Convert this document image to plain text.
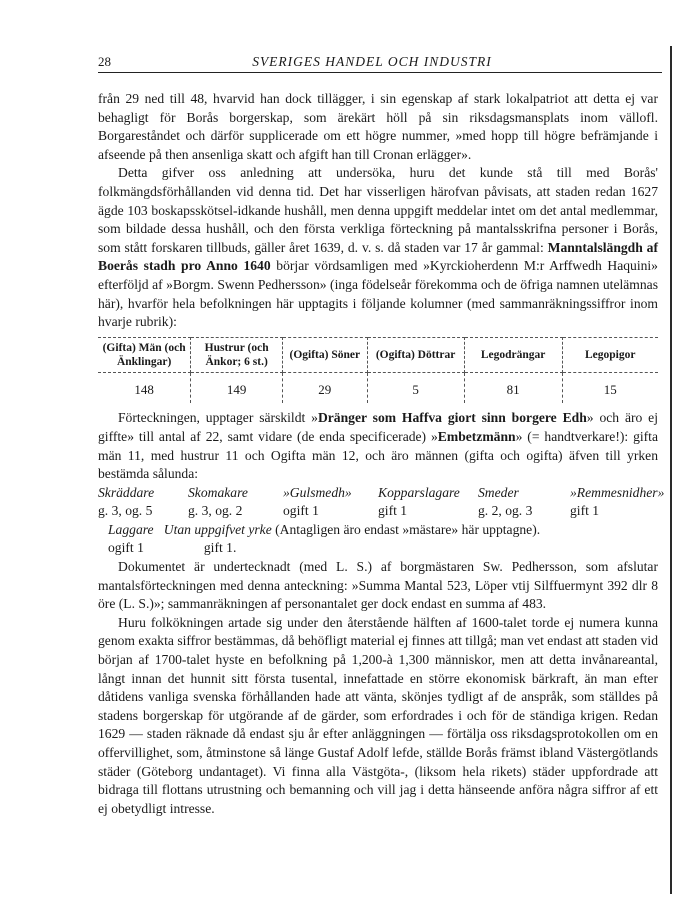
28	SVERIGES HANDEL OCH INDUSTRI

från 29 ned till 48, hvarvid han dock tillägger, i sin egenskap af stark lokalpatriot att detta ej var behagligt för Borås borgerskap, som ärekärt höll på sin riksdagsmansplats inom vällofl. Borgareståndet och därför supplicerade om ett högre nummer, »med hopp till högre befrämjande i afseende på then ansenliga skatt och afgift han till Cronan erlägger».

Detta gifver oss anledning att undersöka, huru det kunde stå till med Borås' folkmängdsförhållanden vid denna tid. Det har visserligen härofvan påvisats, att staden redan 1627 ägde 103 boskapsskötsel-idkande hushåll, men denna uppgift meddelar intet om det antal medlemmar, som bildade dessa hushåll, och den första verkliga förteckning på mantalsskrifna personer i Borås, som stått forskaren tillbuds, gäller året 1639, d. v. s. då staden var 17 år gammal: Manntalslängdh af Boerås stadh pro Anno 1640 börjar vördsamligen med »Kyrckioherdenn M:r Arffwedh Haquini» efterföljd af »Borgm. Swenn Pedhersson» (inga födelseår förekomma och de öfriga namnen utelämnas här), hvarför hela befolkningen här upptagits i följande kolumner (med sammanräkningssiffror inom hvarje rubrik):

(Gifta) Män (och Änklingar)	Hustrur (och Änkor; 6 st.)	(Ogifta) Söner	(Ogifta) Döttrar	Legodrängar	Legopigor
148	149	29	5	81	15

Förteckningen, upptager särskildt »Dränger som Haffva giort sinn borgere Edh» och äro ej giffte» till antal af 22, samt vidare (de enda specificerade) »Embetzmänn» (= handtverkare!): gifta män 11, med hustrur 11 och Ogifta män 12, och äro männen (gifta och ogifta) äfven till yrken bestämda sålunda:

Skräddare	Skomakare	»Gulsmedh»	Kopparslagare	Smeder	»Remmesnidher»
g. 3, og. 5	g. 3, og. 2	ogift 1	gift 1	g. 2, og. 3	gift 1
Laggare Utan uppgifvet yrke (Antagligen äro endast »mästare» här upptagne).
ogift 1	gift 1.

Dokumentet är undertecknadt (med L. S.) af borgmästaren Sw. Pedhersson, som afslutar mantalsförteckningen med denna anteckning: »Summa Mantal 523, Löper vtij Silffuermynt 392 dlr 8 öre (L. S.)»; sammanräkningen af personantalet ger dock endast en summa af 483.

Huru folkökningen artade sig under den återstående hälften af 1600-talet torde ej numera kunna genom exakta siffror bestämmas, då behöfligt material ej finnes att tillgå; man vet endast att staden vid början af 1700-talet hyste en befolkning på 1,200-à 1,300 människor, men att detta invånareantal, långt innan det hunnit sitt första tusental, innefattade en större ekonomisk bärkraft, än man efter dåtidens vanliga svenska förhållanden hade att vänta, skönjes tydligt af de anspråk, som ställdes på stadens borgerskap för utgörande af de gärder, som erfordrades i och för de ständiga krigen. Redan 1629 — staden räknade då endast sju år efter anläggningen — förtälja oss riksdagsprotokollen om en offervillighet, som, åtminstone så länge Gustaf Adolf lefde, ställde Borås främst ibland Västergötlands städer (Göteborg undantaget). Vi finna alla Västgöta-, (liksom hela rikets) städer uppfordrade att bidraga till flottans utrustning och bemanning och vill jag i detta hänseende anföra några siffror af ett ej obetydligt intresse.
